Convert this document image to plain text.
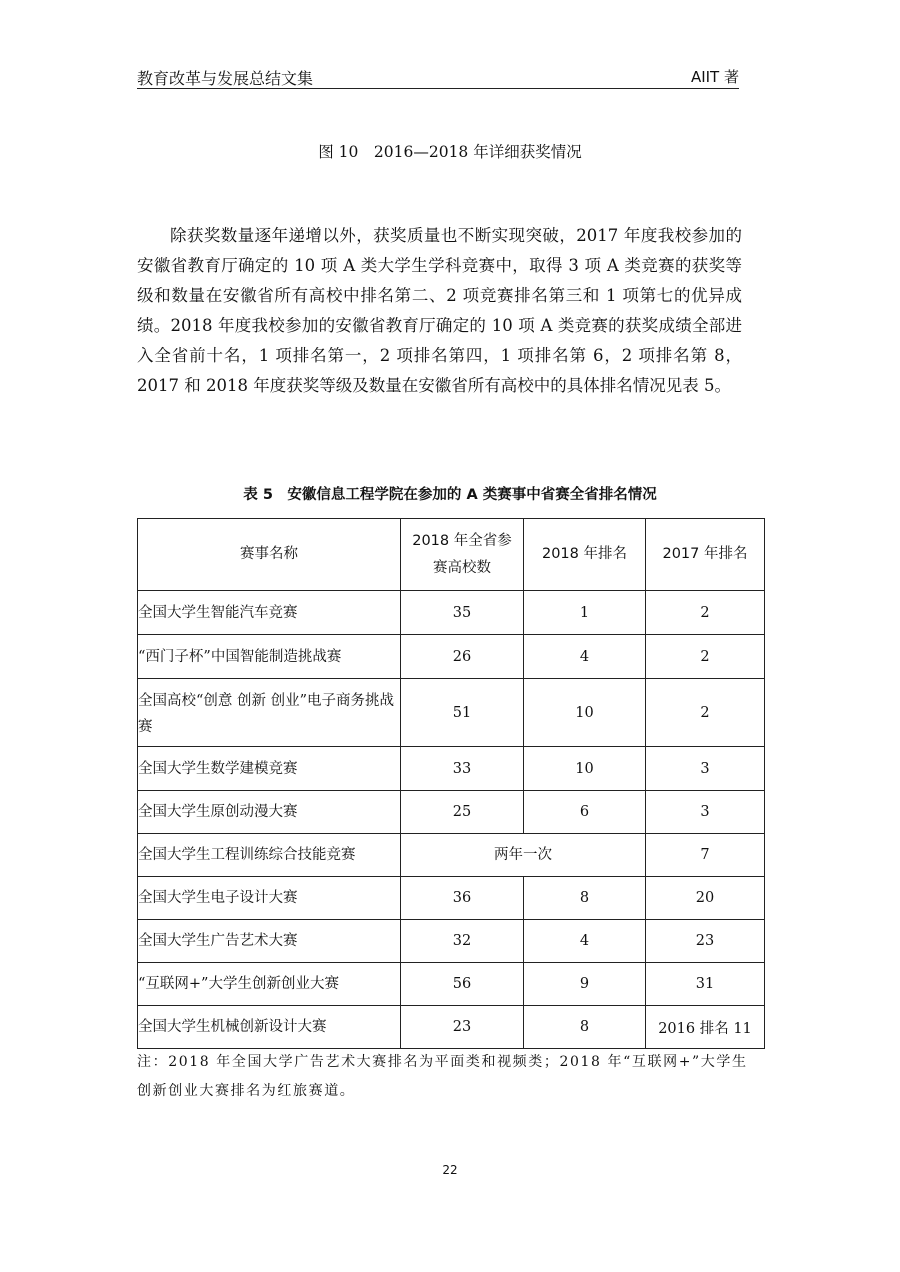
教育改革与发展总结文集	AIIT 著
图 10　2016—2018 年详细获奖情况

除获奖数量逐年递增以外，获奖质量也不断实现突破，2017 年度我校参加的安徽省教育厅确定的 10 项 A 类大学生学科竞赛中，取得 3 项 A 类竞赛的获奖等级和数量在安徽省所有高校中排名第二、2 项竞赛排名第三和 1 项第七的优异成绩。2018 年度我校参加的安徽省教育厅确定的 10 项 A 类竞赛的获奖成绩全部进入全省前十名，1 项排名第一，2 项排名第四，1 项排名第 6，2 项排名第 8，2017 和 2018 年度获奖等级及数量在安徽省所有高校中的具体排名情况见表 5。

表 5　安徽信息工程学院在参加的 A 类赛事中省赛全省排名情况
赛事名称	2018 年全省参赛高校数	2018 年排名	2017 年排名
全国大学生智能汽车竞赛	35	1	2
“西门子杯”中国智能制造挑战赛	26	4	2
全国高校“创意 创新 创业”电子商务挑战赛	51	10	2
全国大学生数学建模竞赛	33	10	3
全国大学生原创动漫大赛	25	6	3
全国大学生工程训练综合技能竞赛	两年一次		7
全国大学生电子设计大赛	36	8	20
全国大学生广告艺术大赛	32	4	23
“互联网+”大学生创新创业大赛	56	9	31
全国大学生机械创新设计大赛	23	8	2016 排名 11

注：2018 年全国大学广告艺术大赛排名为平面类和视频类；2018 年“互联网+”大学生创新创业大赛排名为红旅赛道。

22
